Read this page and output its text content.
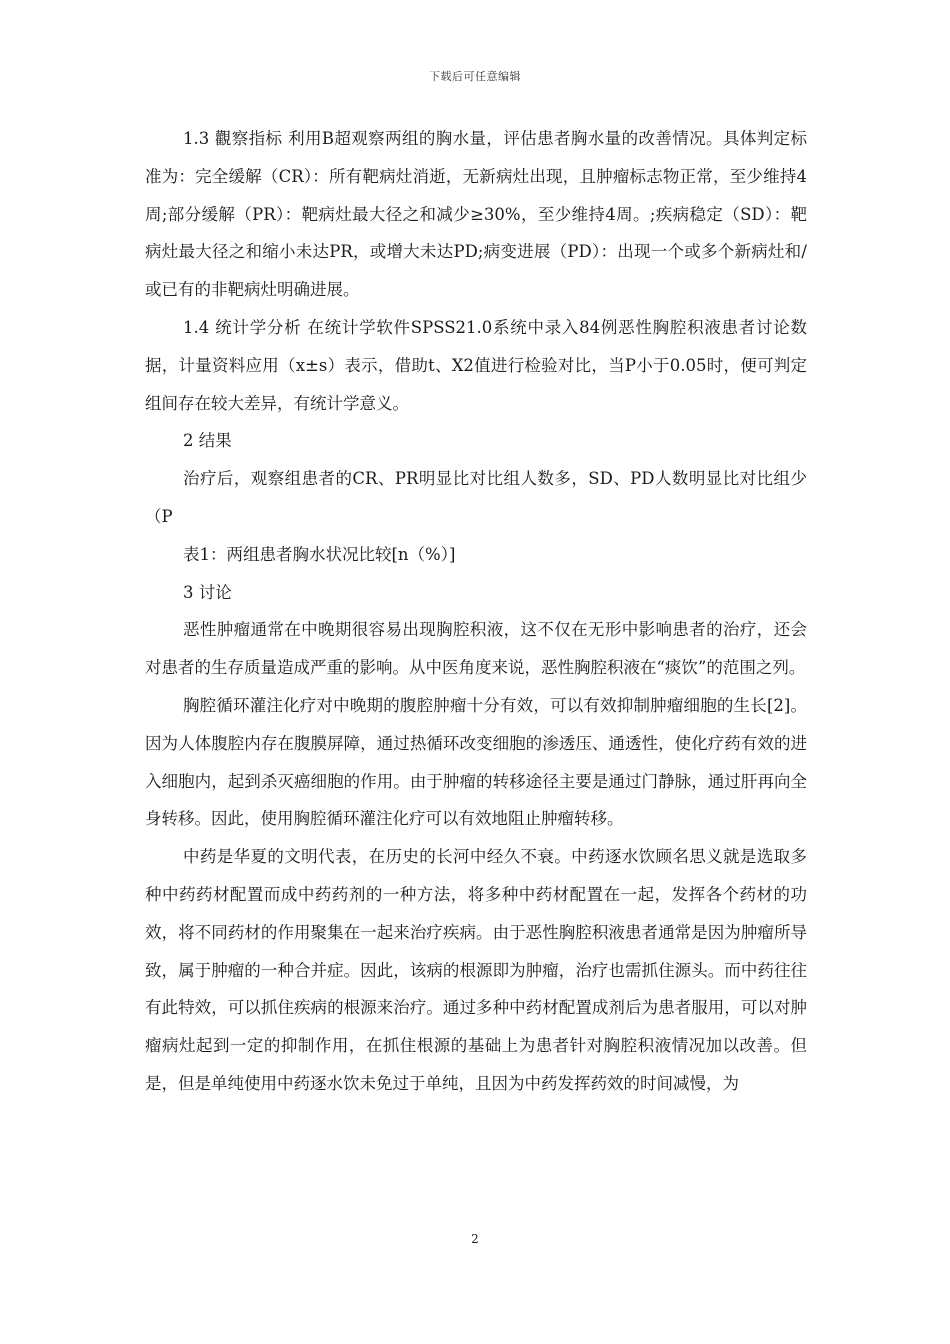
下载后可任意编辑

1.3 觀察指标 利用B超观察两组的胸水量，评估患者胸水量的改善情况。具体判定标准为：完全缓解（CR）：所有靶病灶消逝，无新病灶出现，且肿瘤标志物正常，至少维持4周;部分缓解（PR）：靶病灶最大径之和减少≥30%，至少维持4周。;疾病稳定（SD）：靶病灶最大径之和缩小未达PR，或增大未达PD;病变进展（PD）：出现一个或多个新病灶和/或已有的非靶病灶明确进展。

1.4 统计学分析 在统计学软件SPSS21.0系统中录入84例恶性胸腔积液患者讨论数据，计量资料应用（x±s）表示，借助t、X2值进行检验对比，当P小于0.05时，便可判定组间存在较大差异，有统计学意义。

2 结果

治疗后，观察组患者的CR、PR明显比对比组人数多，SD、PD人数明显比对比组少（P

表1：两组患者胸水状况比较[n（%）]

3 讨论

恶性肿瘤通常在中晚期很容易出现胸腔积液，这不仅在无形中影响患者的治疗，还会对患者的生存质量造成严重的影响。从中医角度来说，恶性胸腔积液在“痰饮”的范围之列。

胸腔循环灌注化疗对中晚期的腹腔肿瘤十分有效，可以有效抑制肿瘤细胞的生长[2]。因为人体腹腔内存在腹膜屏障，通过热循环改变细胞的渗透压、通透性，使化疗药有效的进入细胞内，起到杀灭癌细胞的作用。由于肿瘤的转移途径主要是通过门静脉，通过肝再向全身转移。因此，使用胸腔循环灌注化疗可以有效地阻止肿瘤转移。

中药是华夏的文明代表，在历史的长河中经久不衰。中药逐水饮顾名思义就是选取多种中药药材配置而成中药药剂的一种方法，将多种中药材配置在一起，发挥各个药材的功效，将不同药材的作用聚集在一起来治疗疾病。由于恶性胸腔积液患者通常是因为肿瘤所导致，属于肿瘤的一种合并症。因此，该病的根源即为肿瘤，治疗也需抓住源头。而中药往往有此特效，可以抓住疾病的根源来治疗。通过多种中药材配置成剂后为患者服用，可以对肿瘤病灶起到一定的抑制作用，在抓住根源的基础上为患者针对胸腔积液情况加以改善。但是，但是单纯使用中药逐水饮未免过于单纯，且因为中药发挥药效的时间减慢，为

2
